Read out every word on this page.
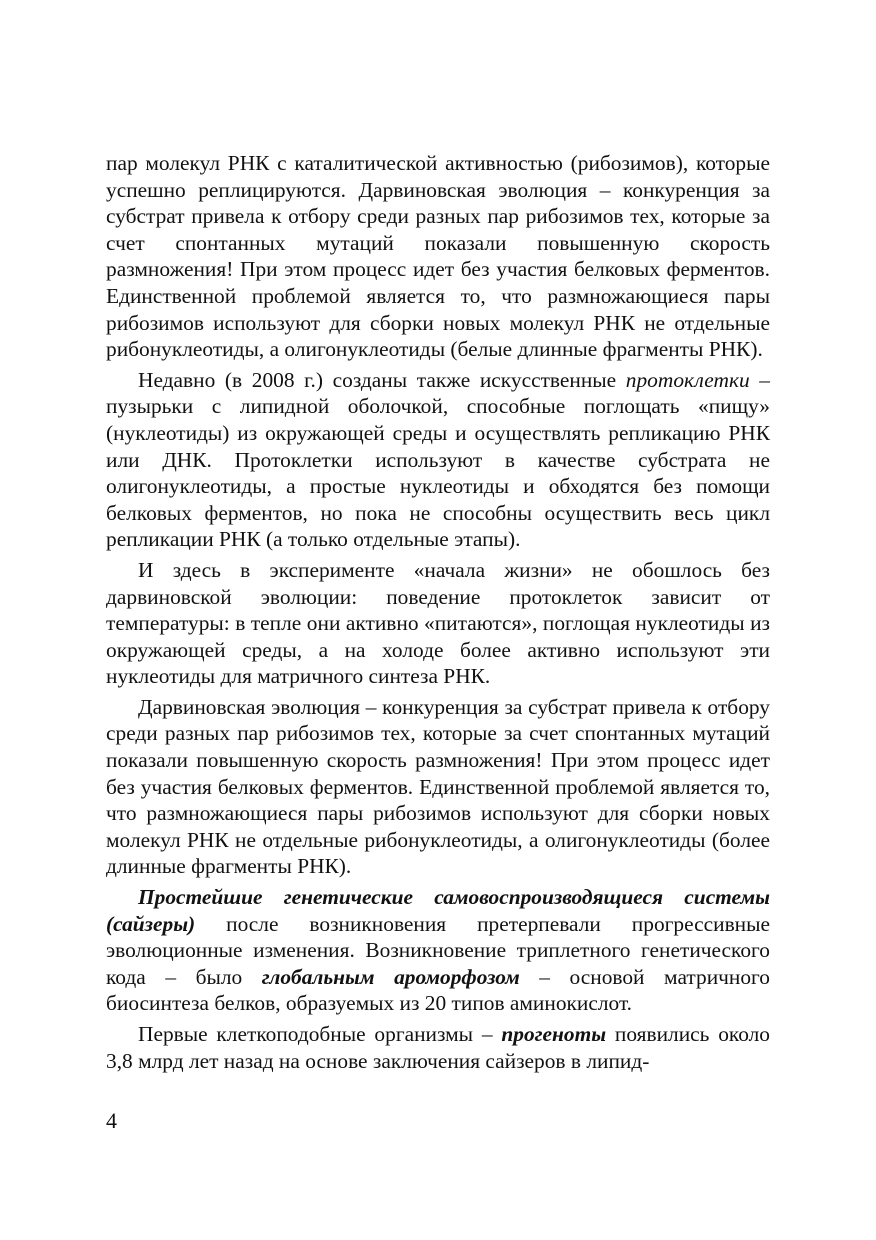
пар молекул РНК с каталитической активностью (рибозимов), которые успешно реплицируются. Дарвиновская эволюция – конкуренция за субстрат привела к отбору среди разных пар рибозимов тех, которые за счет спонтанных мутаций показали повышенную скорость размножения! При этом процесс идет без участия белковых ферментов. Единственной проблемой является то, что размножающиеся пары рибозимов используют для сборки новых молекул РНК не отдельные рибонуклеотиды, а олигонуклеотиды (белые длинные фрагменты РНК).

Недавно (в 2008 г.) созданы также искусственные протоклетки – пузырьки с липидной оболочкой, способные поглощать «пищу» (нуклеотиды) из окружающей среды и осуществлять репликацию РНК или ДНК. Протоклетки используют в качестве субстрата не олигонуклеотиды, а простые нуклеотиды и обходятся без помощи белковых ферментов, но пока не способны осуществить весь цикл репликации РНК (а только отдельные этапы).

И здесь в эксперименте «начала жизни» не обошлось без дарвиновской эволюции: поведение протоклеток зависит от температуры: в тепле они активно «питаются», поглощая нуклеотиды из окружающей среды, а на холоде более активно используют эти нуклеотиды для матричного синтеза РНК.

Дарвиновская эволюция – конкуренция за субстрат привела к отбору среди разных пар рибозимов тех, которые за счет спонтанных мутаций показали повышенную скорость размножения! При этом процесс идет без участия белковых ферментов. Единственной проблемой является то, что размножающиеся пары рибозимов используют для сборки новых молекул РНК не отдельные рибонуклеотиды, а олигонуклеотиды (более длинные фрагменты РНК).

Простейшие генетические самовоспроизводящиеся системы (сайзеры) после возникновения претерпевали прогрессивные эволюционные изменения. Возникновение триплетного генетического кода – было глобальным ароморфозом – основой матричного биосинтеза белков, образуемых из 20 типов аминокислот.

Первые клеткоподобные организмы – прогеноты появились около 3,8 млрд лет назад на основе заключения сайзеров в липид-

4
